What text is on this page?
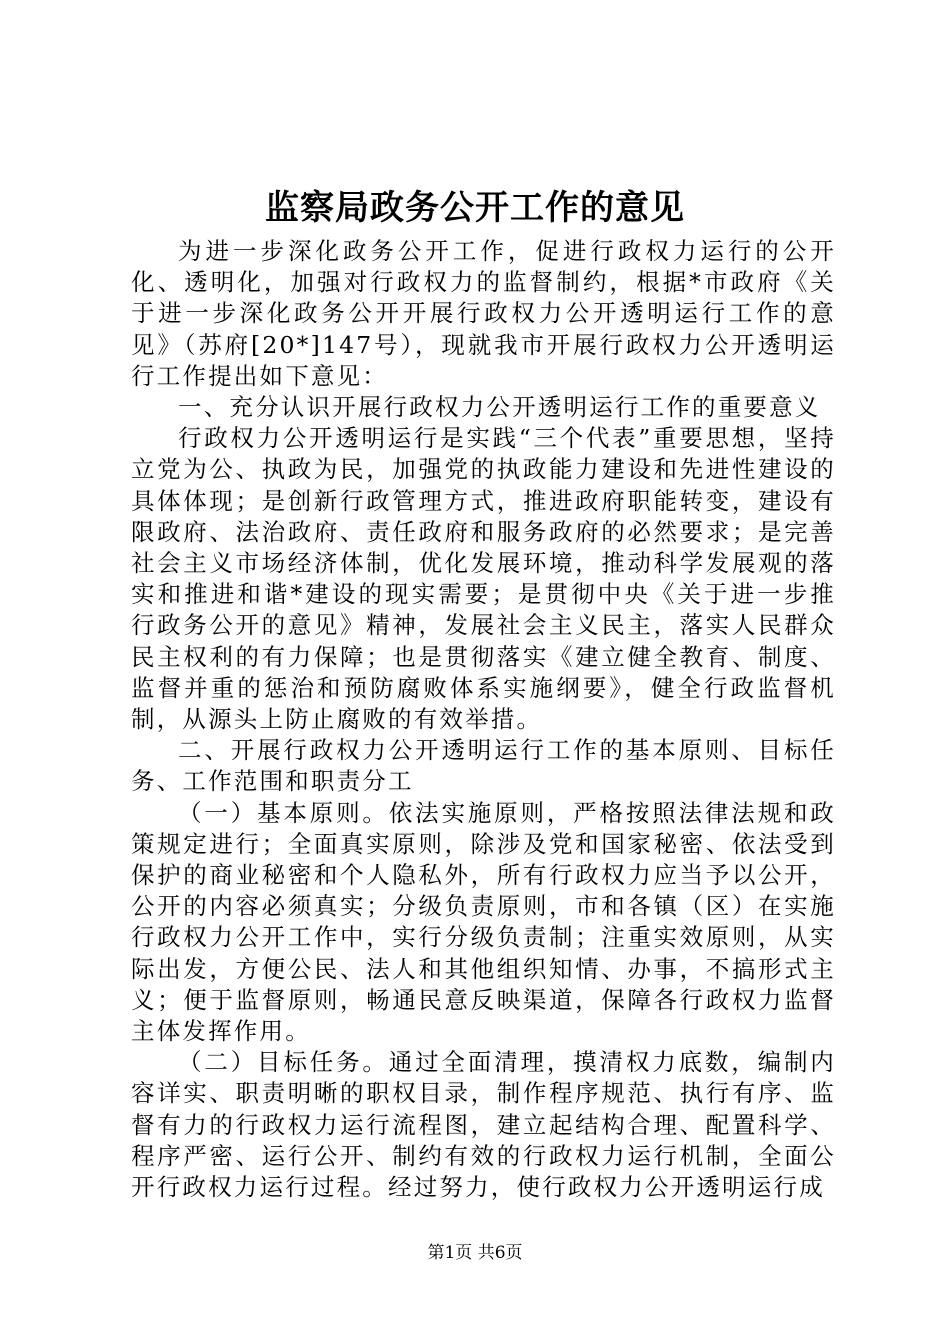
监察局政务公开工作的意见

为进一步深化政务公开工作，促进行政权力运行的公开化、透明化，加强对行政权力的监督制约，根据*市政府《关于进一步深化政务公开开展行政权力公开透明运行工作的意见》（苏府[20*]147号），现就我市开展行政权力公开透明运行工作提出如下意见：

一、充分认识开展行政权力公开透明运行工作的重要意义

行政权力公开透明运行是实践“三个代表”重要思想，坚持立党为公、执政为民，加强党的执政能力建设和先进性建设的具体体现；是创新行政管理方式，推进政府职能转变，建设有限政府、法治政府、责任政府和服务政府的必然要求；是完善社会主义市场经济体制，优化发展环境，推动科学发展观的落实和推进和谐*建设的现实需要；是贯彻中央《关于进一步推行政务公开的意见》精神，发展社会主义民主，落实人民群众民主权利的有力保障；也是贯彻落实《建立健全教育、制度、监督并重的惩治和预防腐败体系实施纲要》，健全行政监督机制，从源头上防止腐败的有效举措。

二、开展行政权力公开透明运行工作的基本原则、目标任务、工作范围和职责分工

（一）基本原则。依法实施原则，严格按照法律法规和政策规定进行；全面真实原则，除涉及党和国家秘密、依法受到保护的商业秘密和个人隐私外，所有行政权力应当予以公开，公开的内容必须真实；分级负责原则，市和各镇（区）在实施行政权力公开工作中，实行分级负责制；注重实效原则，从实际出发，方便公民、法人和其他组织知情、办事，不搞形式主义；便于监督原则，畅通民意反映渠道，保障各行政权力监督主体发挥作用。

（二）目标任务。通过全面清理，摸清权力底数，编制内容详实、职责明晰的职权目录，制作程序规范、执行有序、监督有力的行政权力运行流程图，建立起结构合理、配置科学、程序严密、运行公开、制约有效的行政权力运行机制，全面公开行政权力运行过程。经过努力，使行政权力公开透明运行成

第1页 共6页
